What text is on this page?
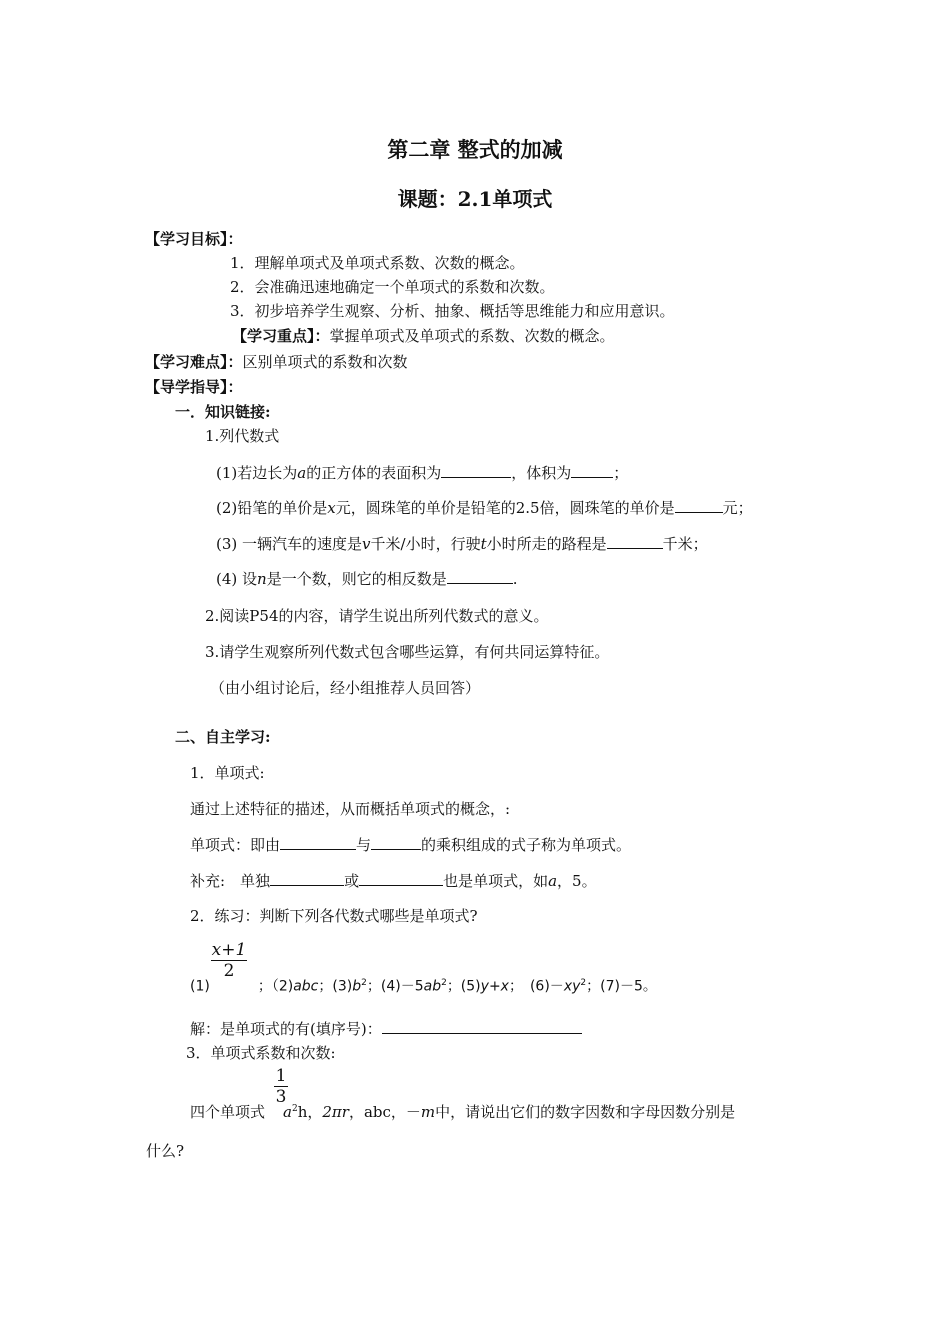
第二章 整式的加减
课题：2.1单项式
【学习目标】：
1．理解单项式及单项式系数、次数的概念。
2．会准确迅速地确定一个单项式的系数和次数。
3．初步培养学生观察、分析、抽象、概括等思维能力和应用意识。
【学习重点】：掌握单项式及单项式的系数、次数的概念。
【学习难点】：区别单项式的系数和次数
【导学指导】：
一．知识链接:
1.列代数式
(1)若边长为a的正方体的表面积为	，体积为	；
(2)铅笔的单价是x元，圆珠笔的单价是铅笔的2.5倍，圆珠笔的单价是	元；
(3) 一辆汽车的速度是v千米/小时，行驶t小时所走的路程是	千米；
(4) 设n是一个数，则它的相反数是	.
2.阅读P54的内容，请学生说出所列代数式的意义。
3.请学生观察所列代数式包含哪些运算，有何共同运算特征。
（由小组讨论后，经小组推荐人员回答）
二、自主学习:
1．单项式:
通过上述特征的描述，从而概括单项式的概念，:
单项式：即由	与	的乘积组成的式子称为单项式。
补充:　单独	或	也是单项式，如a，5。
2．练习：判断下列各代数式哪些是单项式?
$\frac{x+1}{2}$
(1)	；（2)abc；$(3)b^2$；$(4)-5ab^2$；(5)y+x；　$(6)-xy^2$；(7)－5。
解：是单项式的有(填序号)：
3．单项式系数和次数:
$\frac{1}{3}$
四个单项式 $a^2h$，2πr，abc，－m中，请说出它们的数字因数和字母因数分别是
什么?
